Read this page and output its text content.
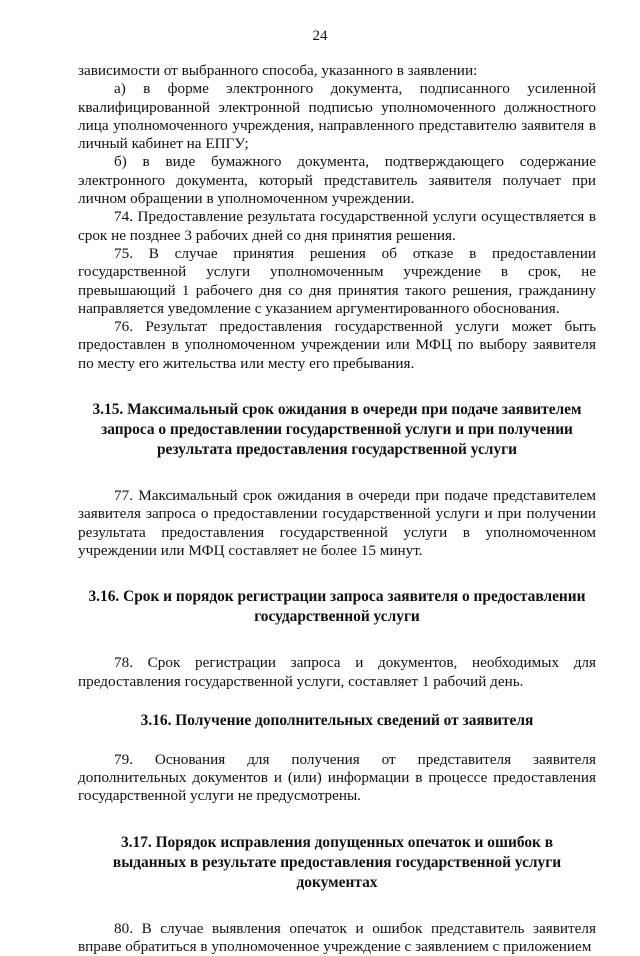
24

зависимости от выбранного способа, указанного в заявлении:

а) в форме электронного документа, подписанного усиленной квалифицированной электронной подписью уполномоченного должностного лица уполномоченного учреждения, направленного представителю заявителя в личный кабинет на ЕПГУ;

б) в виде бумажного документа, подтверждающего содержание электронного документа, который представитель заявителя получает при личном обращении в уполномоченном учреждении.

74. Предоставление результата государственной услуги осуществляется в срок не позднее 3 рабочих дней со дня принятия решения.

75. В случае принятия решения об отказе в предоставлении государственной услуги уполномоченным учреждение в срок, не превышающий 1 рабочего дня со дня принятия такого решения, гражданину направляется уведомление с указанием аргументированного обоснования.

76. Результат предоставления государственной услуги может быть предоставлен в уполномоченном учреждении или МФЦ по выбору заявителя по месту его жительства или месту его пребывания.

3.15. Максимальный срок ожидания в очереди при подаче заявителем запроса о предоставлении государственной услуги и при получении результата предоставления государственной услуги

77. Максимальный срок ожидания в очереди при подаче представителем заявителя запроса о предоставлении государственной услуги и при получении результата предоставления государственной услуги в уполномоченном учреждении или МФЦ составляет не более 15 минут.

3.16. Срок и порядок регистрации запроса заявителя о предоставлении государственной услуги

78. Срок регистрации запроса и документов, необходимых для предоставления государственной услуги, составляет 1 рабочий день.

3.16. Получение дополнительных сведений от заявителя

79. Основания для получения от представителя заявителя дополнительных документов и (или) информации в процессе предоставления государственной услуги не предусмотрены.

3.17. Порядок исправления допущенных опечаток и ошибок в выданных в результате предоставления государственной услуги документах

80. В случае выявления опечаток и ошибок представитель заявителя вправе обратиться в уполномоченное учреждение с заявлением с приложением
